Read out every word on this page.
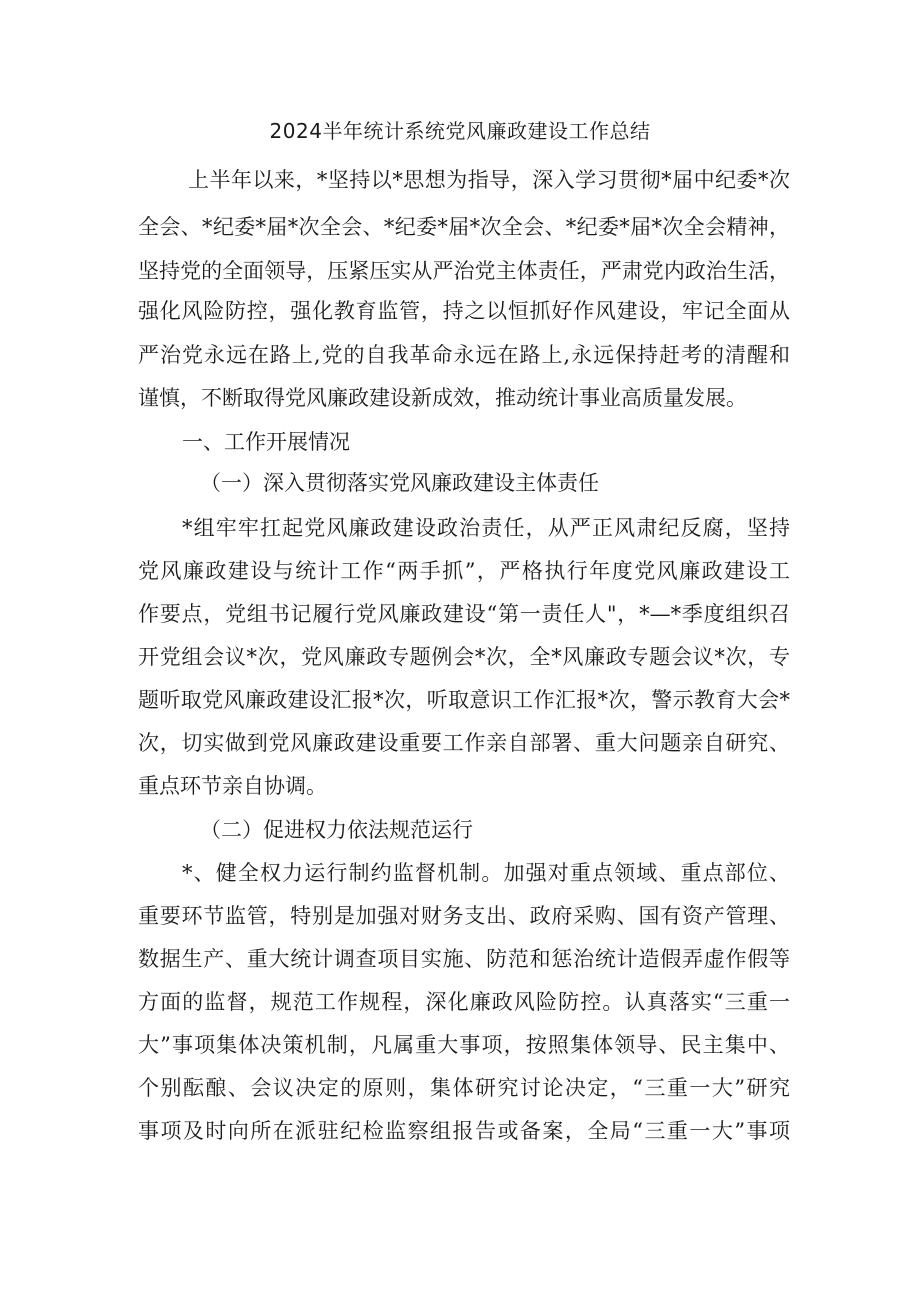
2024半年统计系统党风廉政建设工作总结
上半年以来，*坚持以*思想为指导，深入学习贯彻*届中纪委*次
全会、*纪委*届*次全会、*纪委*届*次全会、*纪委*届*次全会精神，
坚持党的全面领导，压紧压实从严治党主体责任，严肃党内政治生活，
强化风险防控，强化教育监管，持之以恒抓好作风建设，牢记全面从
严治党永远在路上,党的自我革命永远在路上,永远保持赶考的清醒和
谨慎，不断取得党风廉政建设新成效，推动统计事业高质量发展。
一、工作开展情况
（一）深入贯彻落实党风廉政建设主体责任
*组牢牢扛起党风廉政建设政治责任，从严正风肃纪反腐，坚持
党风廉政建设与统计工作“两手抓”，严格执行年度党风廉政建设工
作要点，党组书记履行党风廉政建设“第一责任人"，*—*季度组织召
开党组会议*次，党风廉政专题例会*次，全*风廉政专题会议*次，专
题听取党风廉政建设汇报*次，听取意识工作汇报*次，警示教育大会*
次，切实做到党风廉政建设重要工作亲自部署、重大问题亲自研究、
重点环节亲自协调。
（二）促进权力依法规范运行
*、健全权力运行制约监督机制。加强对重点领域、重点部位、
重要环节监管，特别是加强对财务支出、政府采购、国有资产管理、
数据生产、重大统计调查项目实施、防范和惩治统计造假弄虚作假等
方面的监督，规范工作规程，深化廉政风险防控。认真落实“三重一
大”事项集体决策机制，凡属重大事项，按照集体领导、民主集中、
个别酝酿、会议决定的原则，集体研究讨论决定，“三重一大”研究
事项及时向所在派驻纪检监察组报告或备案，全局“三重一大”事项
